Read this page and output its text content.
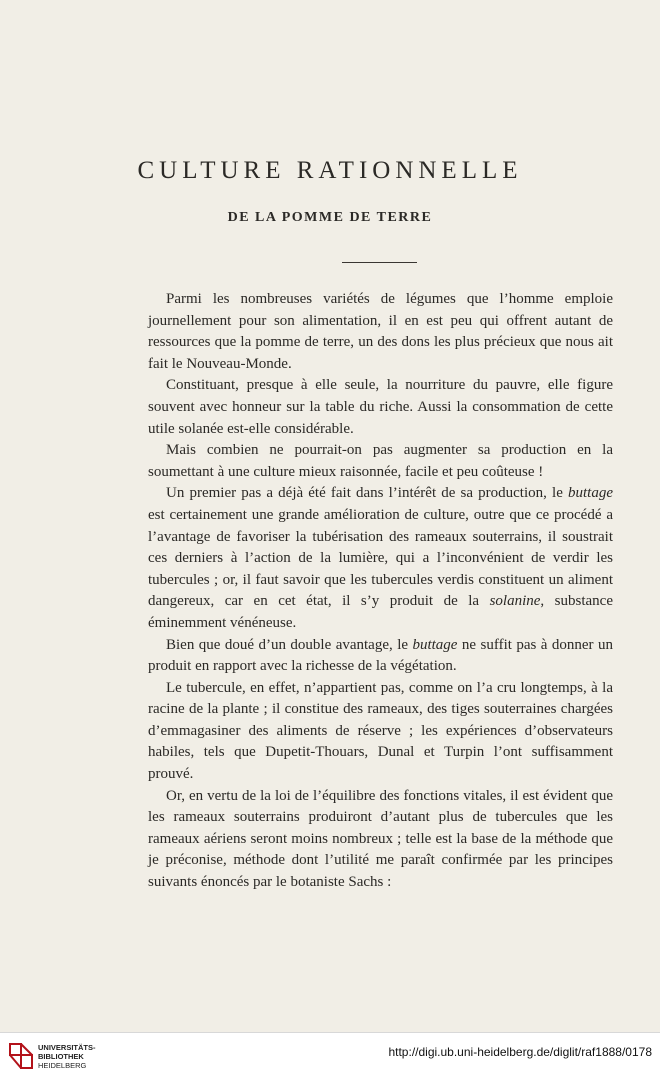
CULTURE RATIONNELLE
DE LA POMME DE TERRE

Parmi les nombreuses variétés de légumes que l’homme emploie journellement pour son alimentation, il en est peu qui offrent autant de ressources que la pomme de terre, un des dons les plus précieux que nous ait fait le Nouveau-Monde.

Constituant, presque à elle seule, la nourriture du pauvre, elle figure souvent avec honneur sur la table du riche. Aussi la consommation de cette utile solanée est-elle considérable.

Mais combien ne pourrait-on pas augmenter sa production en la soumettant à une culture mieux raisonnée, facile et peu coûteuse !

Un premier pas a déjà été fait dans l’intérêt de sa production, le buttage est certainement une grande amélioration de culture, outre que ce procédé a l’avantage de favoriser la tubérisation des rameaux souterrains, il soustrait ces derniers à l’action de la lumière, qui a l’inconvénient de verdir les tubercules ; or, il faut savoir que les tubercules verdis constituent un aliment dangereux, car en cet état, il s’y produit de la solanine, substance éminemment vénéneuse.

Bien que doué d’un double avantage, le buttage ne suffit pas à donner un produit en rapport avec la richesse de la végétation.

Le tubercule, en effet, n’appartient pas, comme on l’a cru longtemps, à la racine de la plante ; il constitue des rameaux, des tiges souterraines chargées d’emmagasiner des aliments de réserve ; les expériences d’observateurs habiles, tels que Dupetit-Thouars, Dunal et Turpin l’ont suffisamment prouvé.

Or, en vertu de la loi de l’équilibre des fonctions vitales, il est évident que les rameaux souterrains produiront d’autant plus de tubercules que les rameaux aériens seront moins nombreux ; telle est la base de la méthode que je préconise, méthode dont l’utilité me paraît confirmée par les principes suivants énoncés par le botaniste Sachs :

UNIVERSITÄTS-
BIBLIOTHEK
HEIDELBERG
http://digi.ub.uni-heidelberg.de/diglit/raf1888/0178
